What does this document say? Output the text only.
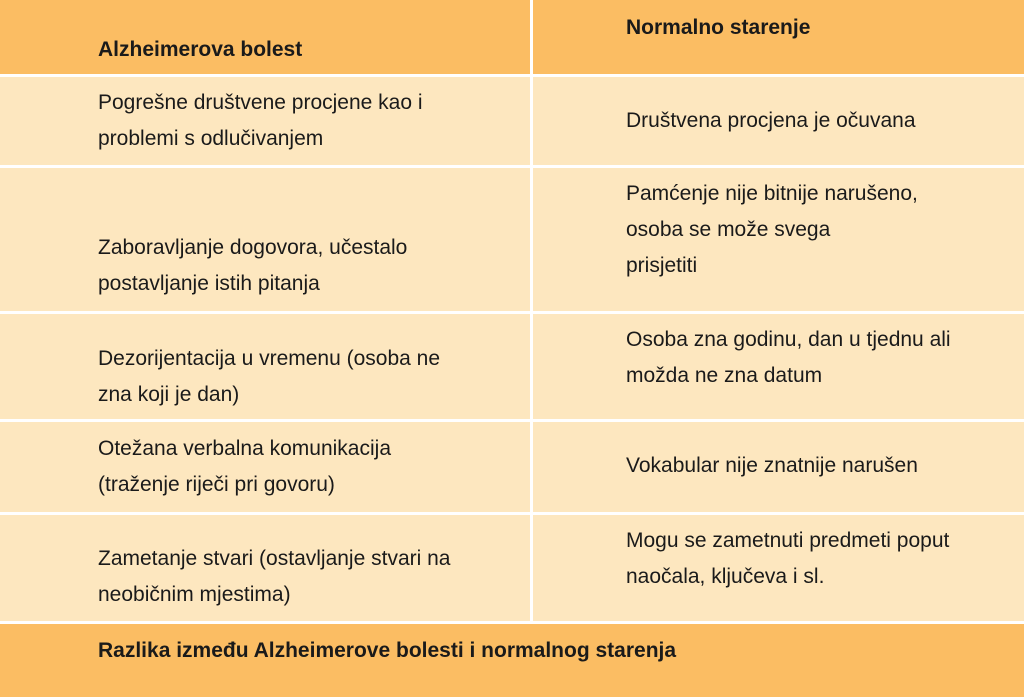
Alzheimerova bolest
Normalno starenje
Pogrešne društvene procjene kao i
problemi s odlučivanjem
Društvena procjena je očuvana
Zaboravljanje dogovora, učestalo
postavljanje istih pitanja
Pamćenje nije bitnije narušeno,
osoba se može svega
prisjetiti
Dezorijentacija u vremenu (osoba ne
zna koji je dan)
Osoba zna godinu, dan u tjednu ali
možda ne zna datum
Otežana verbalna komunikacija
(traženje riječi pri govoru)
Vokabular nije znatnije narušen
Zametanje stvari (ostavljanje stvari na
neobičnim mjestima)
Mogu se zametnuti predmeti poput
naočala, ključeva i sl.
Razlika između Alzheimerove bolesti i normalnog starenja
